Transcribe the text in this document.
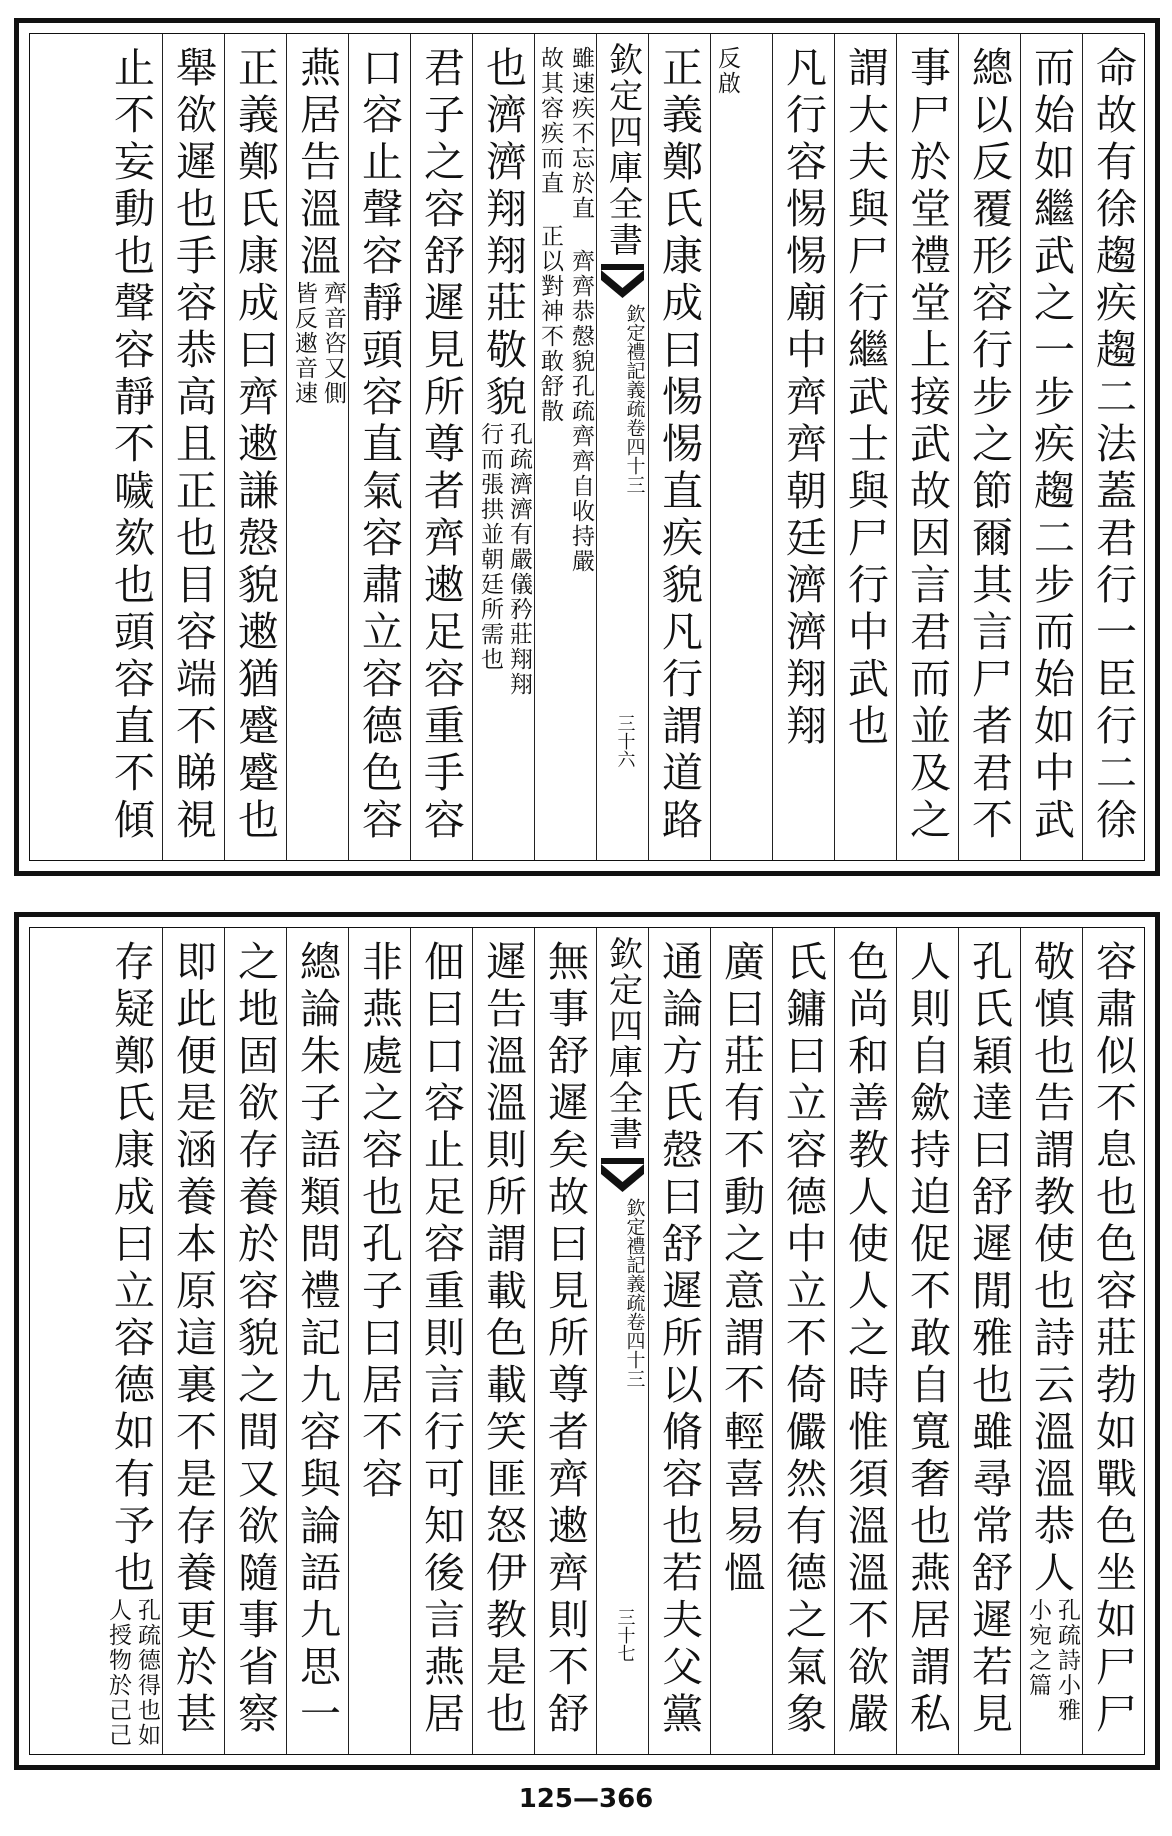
命故有徐趨疾趨二法蓋君行一臣行二徐
而始如繼武之一步疾趨二步而始如中武
總以反覆形容行步之節爾其言尸者君不
事尸於堂禮堂上接武故因言君而並及之
謂大夫與尸行繼武士與尸行中武也
凡行容惕惕廟中齊齊朝廷濟濟翔翔
反啟
正義鄭氏康成曰惕惕直疾貌凡行謂道路
欽定四庫全書
欽定禮記義疏
卷四十三
三十六
雖速疾不忘於直 齊齊恭慤貌孔疏齊齊自收持嚴
故其容疾而直 正以對神不敢舒散
也濟濟翔翔莊敬貌
孔疏濟濟有嚴儀矜莊翔翔
行而張拱並朝廷所需也
君子之容舒遲見所尊者齊遫足容重手容
口容止聲容靜頭容直氣容肅立容德色容
燕居告溫溫
齊音咨又側
皆反遫音速
正義鄭氏康成曰齊遫謙慤貌遫猶蹙蹙也
舉欲遲也手容恭高且正也目容端不睇視
止不妄動也聲容靜不噦欬也頭容直不傾
容肅似不息也色容莊勃如戰色坐如尸尸
敬慎也告謂教使也詩云溫溫恭人
孔疏詩小雅
小宛之篇
孔氏穎達曰舒遲閒雅也雖尋常舒遲若見
人則自歛持迫促不敢自寬奢也燕居謂私
色尚和善教人使人之時惟須溫溫不欲嚴
氏鏞曰立容德中立不倚儼然有德之氣象
廣曰莊有不動之意謂不輕喜易慍
通論方氏慤曰舒遲所以脩容也若夫父黨
欽定四庫全書
欽定禮記義疏
卷四十三
三十七
無事舒遲矣故曰見所尊者齊遫齊則不舒
遲告溫溫則所謂載色載笑匪怒伊教是也
佃曰口容止足容重則言行可知後言燕居
非燕處之容也孔子曰居不容
總論朱子語類問禮記九容與論語九思一
之地固欲存養於容貌之間又欲隨事省察
即此便是涵養本原這裏不是存養更於甚
存疑鄭氏康成曰立容德如有予也
孔疏德得也如
人授物於己己
125—366
